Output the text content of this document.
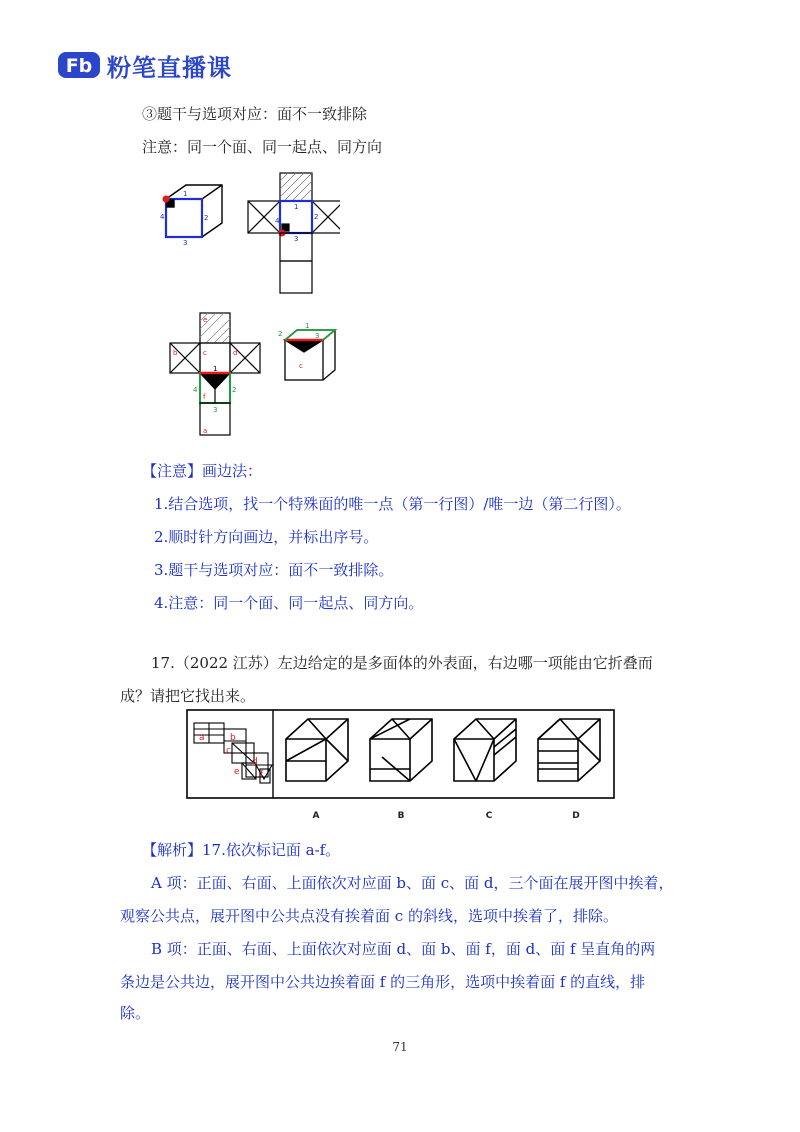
Fb 粉笔直播课
③题干与选项对应：面不一致排除
注意：同一个面、同一起点、同方向
1
2
3
4
1
2
3
4
e
b	c	d
f
a
1
2
3
4
1
2	3
c
【注意】画边法：
1.结合选项，找一个特殊面的唯一点（第一行图）/唯一边（第二行图）。
2.顺时针方向画边，并标出序号。
3.题干与选项对应：面不一致排除。
4.注意：同一个面、同一起点、同方向。
17.（2022 江苏）左边给定的是多面体的外表面，右边哪一项能由它折叠而
成？请把它找出来。
a	b
c
d
e f
A	B	C	D
【解析】17.依次标记面 a-f。
A 项：正面、右面、上面依次对应面 b、面 c、面 d，三个面在展开图中挨着，
观察公共点，展开图中公共点没有挨着面 c 的斜线，选项中挨着了，排除。
B 项：正面、右面、上面依次对应面 d、面 b、面 f，面 d、面 f 呈直角的两
条边是公共边，展开图中公共边挨着面 f 的三角形，选项中挨着面 f 的直线，排
除。
71
